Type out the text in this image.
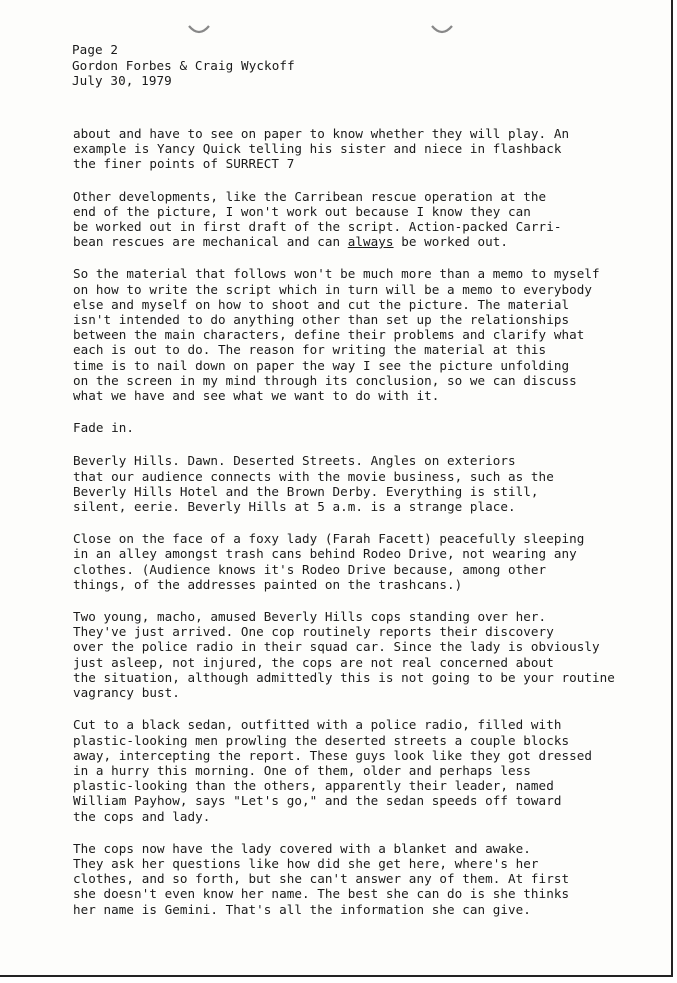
Page 2
Gordon Forbes & Craig Wyckoff
July 30, 1979

about and have to see on paper to know whether they will play. An
example is Yancy Quick telling his sister and niece in flashback
the finer points of SURRECT 7

Other developments, like the Carribean rescue operation at the
end of the picture, I won't work out because I know they can
be worked out in first draft of the script. Action-packed Carri-
bean rescues are mechanical and can always be worked out.

So the material that follows won't be much more than a memo to myself
on how to write the script which in turn will be a memo to everybody
else and myself on how to shoot and cut the picture. The material
isn't intended to do anything other than set up the relationships
between the main characters, define their problems and clarify what
each is out to do. The reason for writing the material at this
time is to nail down on paper the way I see the picture unfolding
on the screen in my mind through its conclusion, so we can discuss
what we have and see what we want to do with it.

Fade in.

Beverly Hills. Dawn. Deserted Streets. Angles on exteriors
that our audience connects with the movie business, such as the
Beverly Hills Hotel and the Brown Derby. Everything is still,
silent, eerie. Beverly Hills at 5 a.m. is a strange place.

Close on the face of a foxy lady (Farah Facett) peacefully sleeping
in an alley amongst trash cans behind Rodeo Drive, not wearing any
clothes. (Audience knows it's Rodeo Drive because, among other
things, of the addresses painted on the trashcans.)

Two young, macho, amused Beverly Hills cops standing over her.
They've just arrived. One cop routinely reports their discovery
over the police radio in their squad car. Since the lady is obviously
just asleep, not injured, the cops are not real concerned about
the situation, although admittedly this is not going to be your routine
vagrancy bust.

Cut to a black sedan, outfitted with a police radio, filled with
plastic-looking men prowling the deserted streets a couple blocks
away, intercepting the report. These guys look like they got dressed
in a hurry this morning. One of them, older and perhaps less
plastic-looking than the others, apparently their leader, named
William Payhow, says "Let's go," and the sedan speeds off toward
the cops and lady.

The cops now have the lady covered with a blanket and awake.
They ask her questions like how did she get here, where's her
clothes, and so forth, but she can't answer any of them. At first
she doesn't even know her name. The best she can do is she thinks
her name is Gemini. That's all the information she can give.
